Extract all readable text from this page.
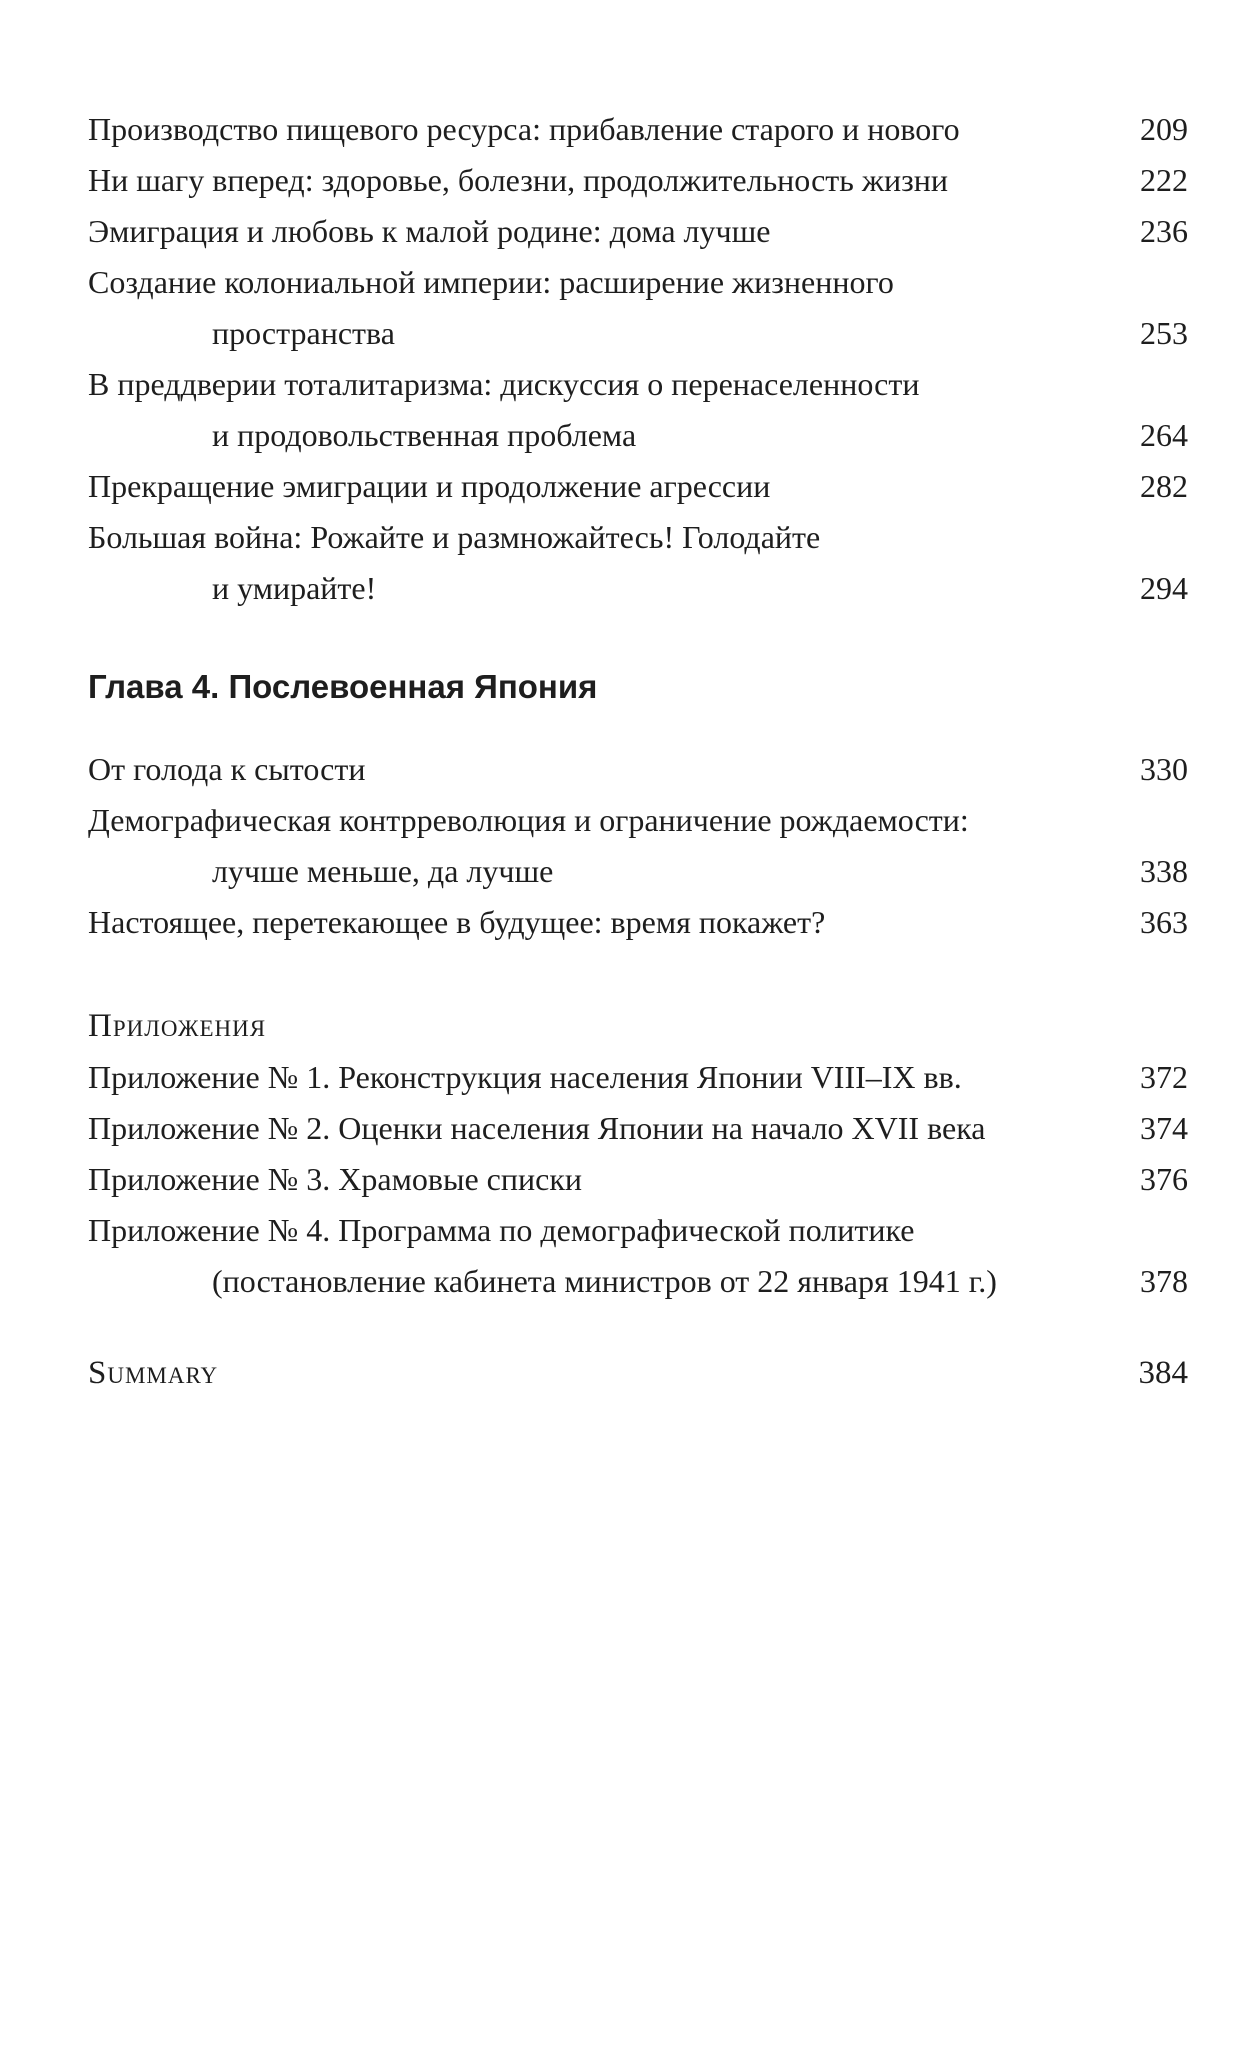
Производство пищевого ресурса: прибавление старого и нового	209
Ни шагу вперед: здоровье, болезни, продолжительность жизни	222
Эмиграция и любовь к малой родине: дома лучше	236
Создание колониальной империи: расширение жизненного
пространства	253
В преддверии тоталитаризма: дискуссия о перенаселенности
и продовольственная проблема	264
Прекращение эмиграции и продолжение агрессии	282
Большая война: Рожайте и размножайтесь! Голодайте
и умирайте!	294
Глава 4. Послевоенная Япония
От голода к сытости	330
Демографическая контрреволюция и ограничение рождаемости:
лучше меньше, да лучше	338
Настоящее, перетекающее в будущее: время покажет?	363
Приложения
Приложение № 1. Реконструкция населения Японии VIII–IX вв.	372
Приложение № 2. Оценки населения Японии на начало XVII века	374
Приложение № 3. Храмовые списки	376
Приложение № 4. Программа по демографической политике
(постановление кабинета министров от 22 января 1941 г.)	378
Summary	384
